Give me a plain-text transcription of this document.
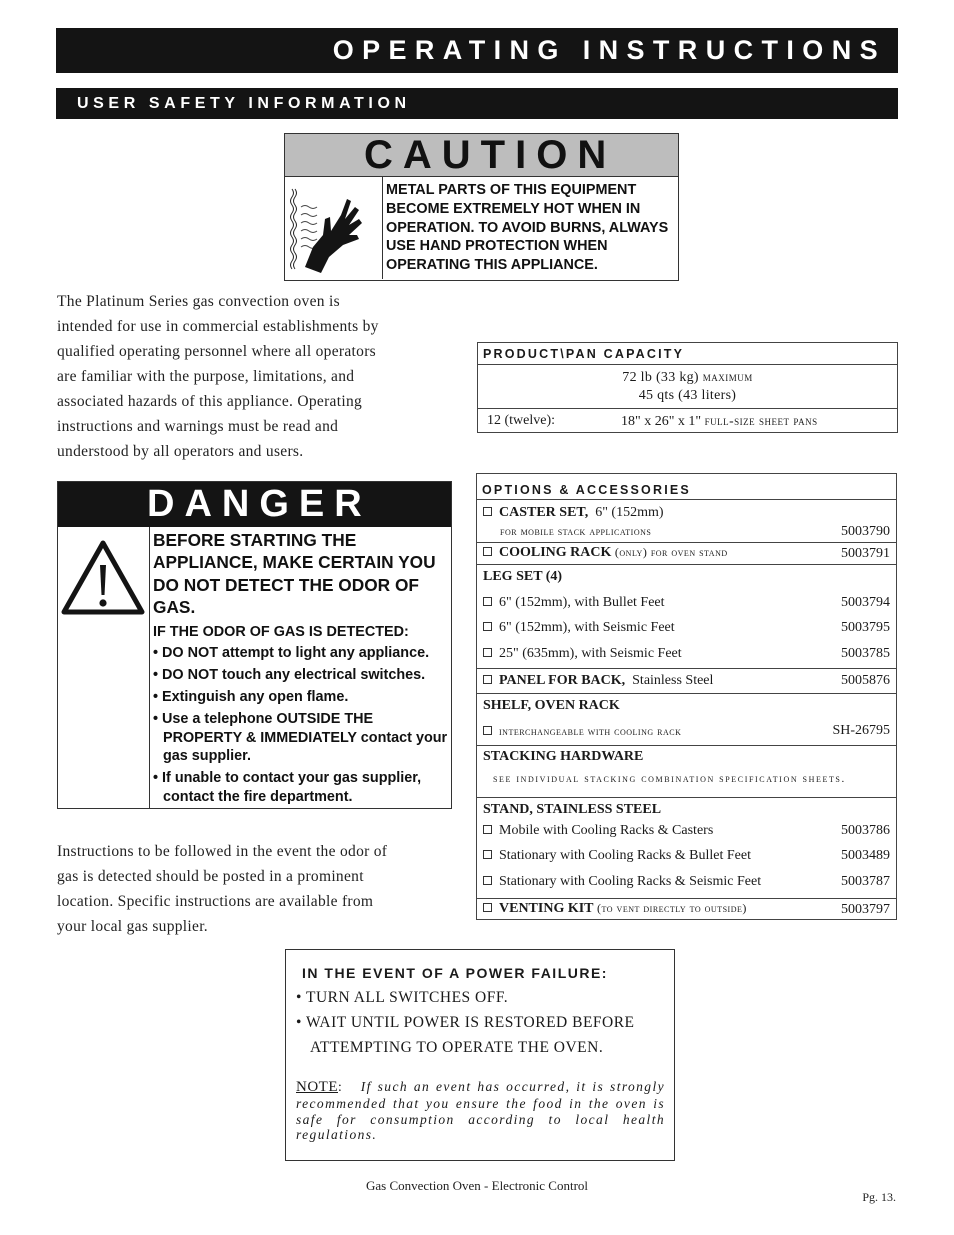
OPERATING INSTRUCTIONS
USER SAFETY INFORMATION
CAUTION
METAL PARTS OF THIS EQUIPMENT BECOME EXTREMELY HOT WHEN IN OPERATION. TO AVOID BURNS, ALWAYS USE HAND PROTECTION WHEN OPERATING THIS APPLIANCE.
The Platinum Series gas convection oven is
intended for use in commercial establishments by
qualified operating personnel where all operators
are familiar with the purpose, limitations, and
associated hazards of this appliance. Operating
instructions and warnings must be read and
understood by all operators and users.
PRODUCT\PAN CAPACITY
72 lb (33 kg) maximum
45 qts (43 liters)
12 (twelve):	18" x 26" x 1" full-size sheet pans
DANGER
BEFORE STARTING THE APPLIANCE, MAKE CERTAIN YOU DO NOT DETECT THE ODOR OF GAS.
IF THE ODOR OF GAS IS DETECTED:
• DO NOT attempt to light any appliance.
• DO NOT touch any electrical switches.
• Extinguish any open flame.
• Use a telephone OUTSIDE THE PROPERTY & IMMEDIATELY contact your gas supplier.
• If unable to contact your gas supplier, contact the fire department.
Instructions to be followed in the event the odor of
gas is detected should be posted in a prominent
location. Specific instructions are available from
your local gas supplier.
OPTIONS & ACCESSORIES
CASTER SET, 6" (152mm)
for mobile stack applications	5003790
COOLING RACK (only) for oven stand	5003791
LEG SET (4)
6" (152mm), with Bullet Feet	5003794
6" (152mm), with Seismic Feet	5003795
25" (635mm), with Seismic Feet	5003785
PANEL FOR BACK, Stainless Steel	5005876
SHELF, OVEN RACK
interchangeable with cooling rack	SH-26795
STACKING HARDWARE
see individual stacking combination specification sheets.
STAND, STAINLESS STEEL
Mobile with Cooling Racks & Casters	5003786
Stationary with Cooling Racks & Bullet Feet	5003489
Stationary with Cooling Racks & Seismic Feet	5003787
VENTING KIT (to vent directly to outside)	5003797
IN THE EVENT OF A POWER FAILURE:
• TURN ALL SWITCHES OFF.
• WAIT UNTIL POWER IS RESTORED BEFORE
ATTEMPTING TO OPERATE THE OVEN.
NOTE: If such an event has occurred, it is strongly recommended that you ensure the food in the oven is safe for consumption according to local health regulations.
Gas Convection Oven - Electronic Control
Pg. 13.
